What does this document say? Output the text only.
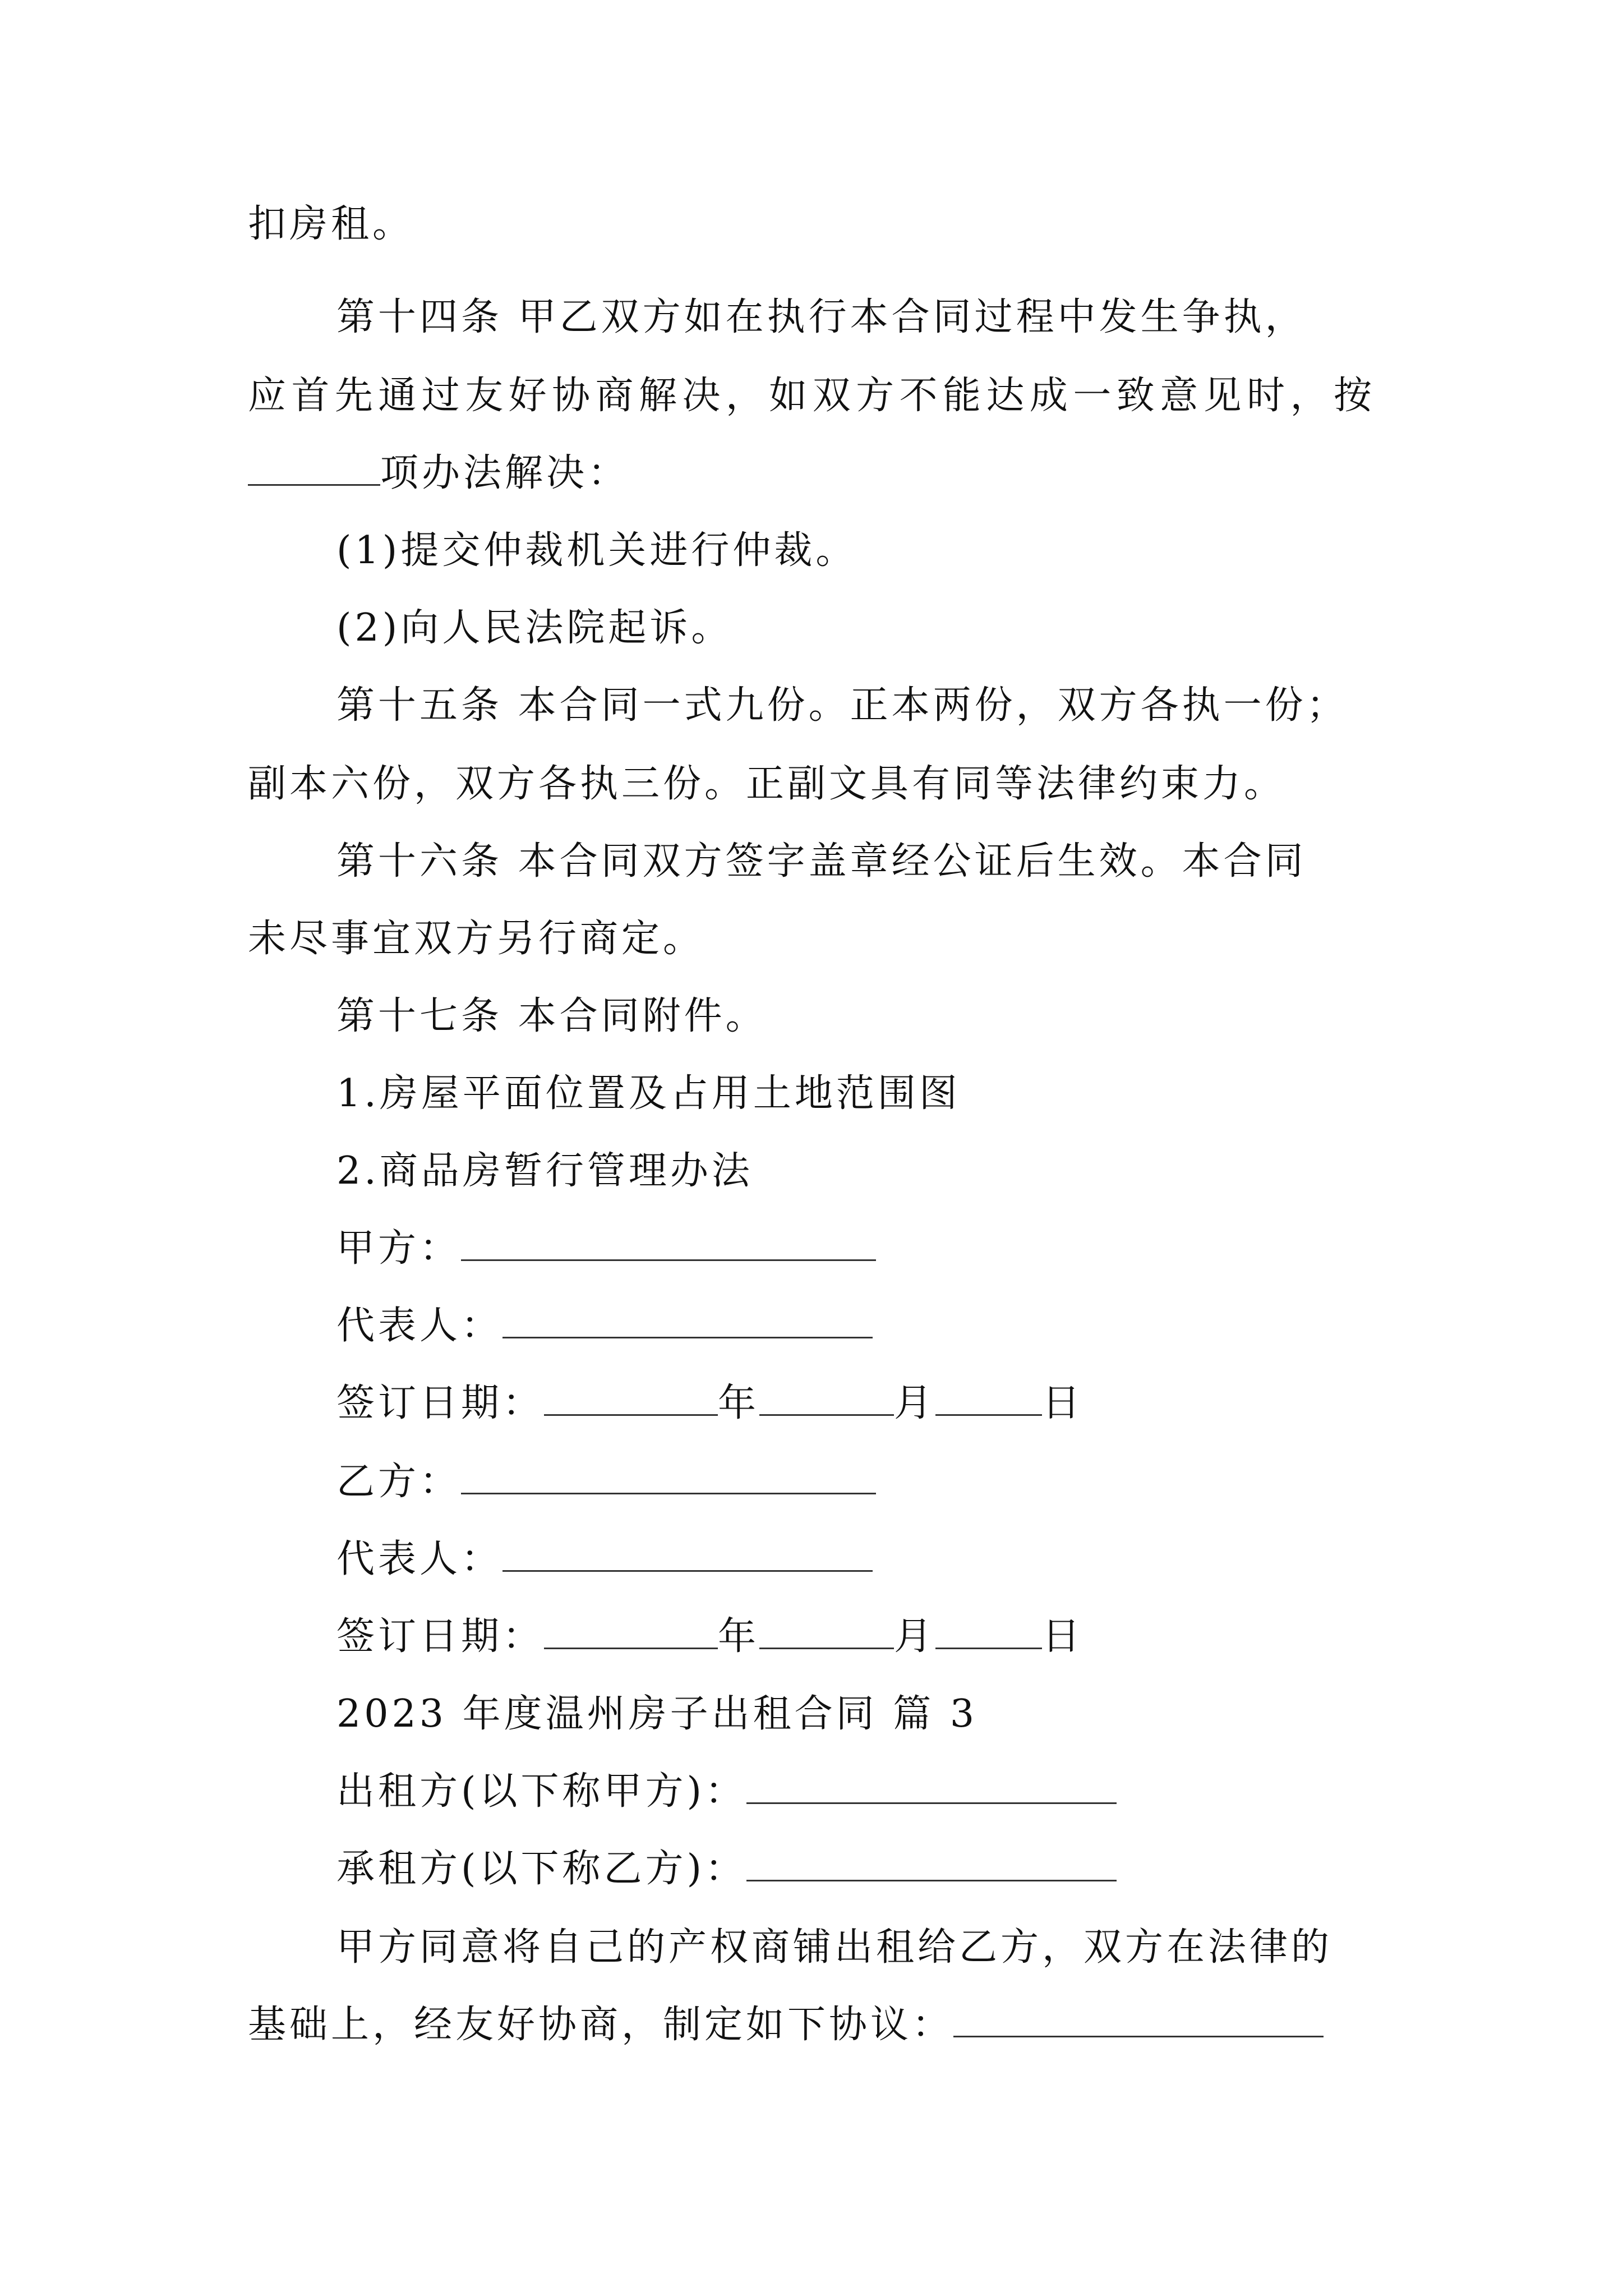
扣房租。
第十四条 甲乙双方如在执行本合同过程中发生争执，
应首先通过友好协商解决，如双方不能达成一致意见时，按
项办法解决：
(1)提交仲裁机关进行仲裁。
(2)向人民法院起诉。
第十五条 本合同一式九份。正本两份，双方各执一份；
副本六份，双方各执三份。正副文具有同等法律约束力。
第十六条 本合同双方签字盖章经公证后生效。本合同
未尽事宜双方另行商定。
第十七条 本合同附件。
1.房屋平面位置及占用土地范围图
2.商品房暂行管理办法
甲方：
代表人：
签订日期：	年	月	日
乙方：
代表人：
签订日期：	年	月	日
2023 年度温州房子出租合同 篇 3
出租方(以下称甲方)：
承租方(以下称乙方)：
甲方同意将自己的产权商铺出租给乙方，双方在法律的
基础上，经友好协商，制定如下协议：
